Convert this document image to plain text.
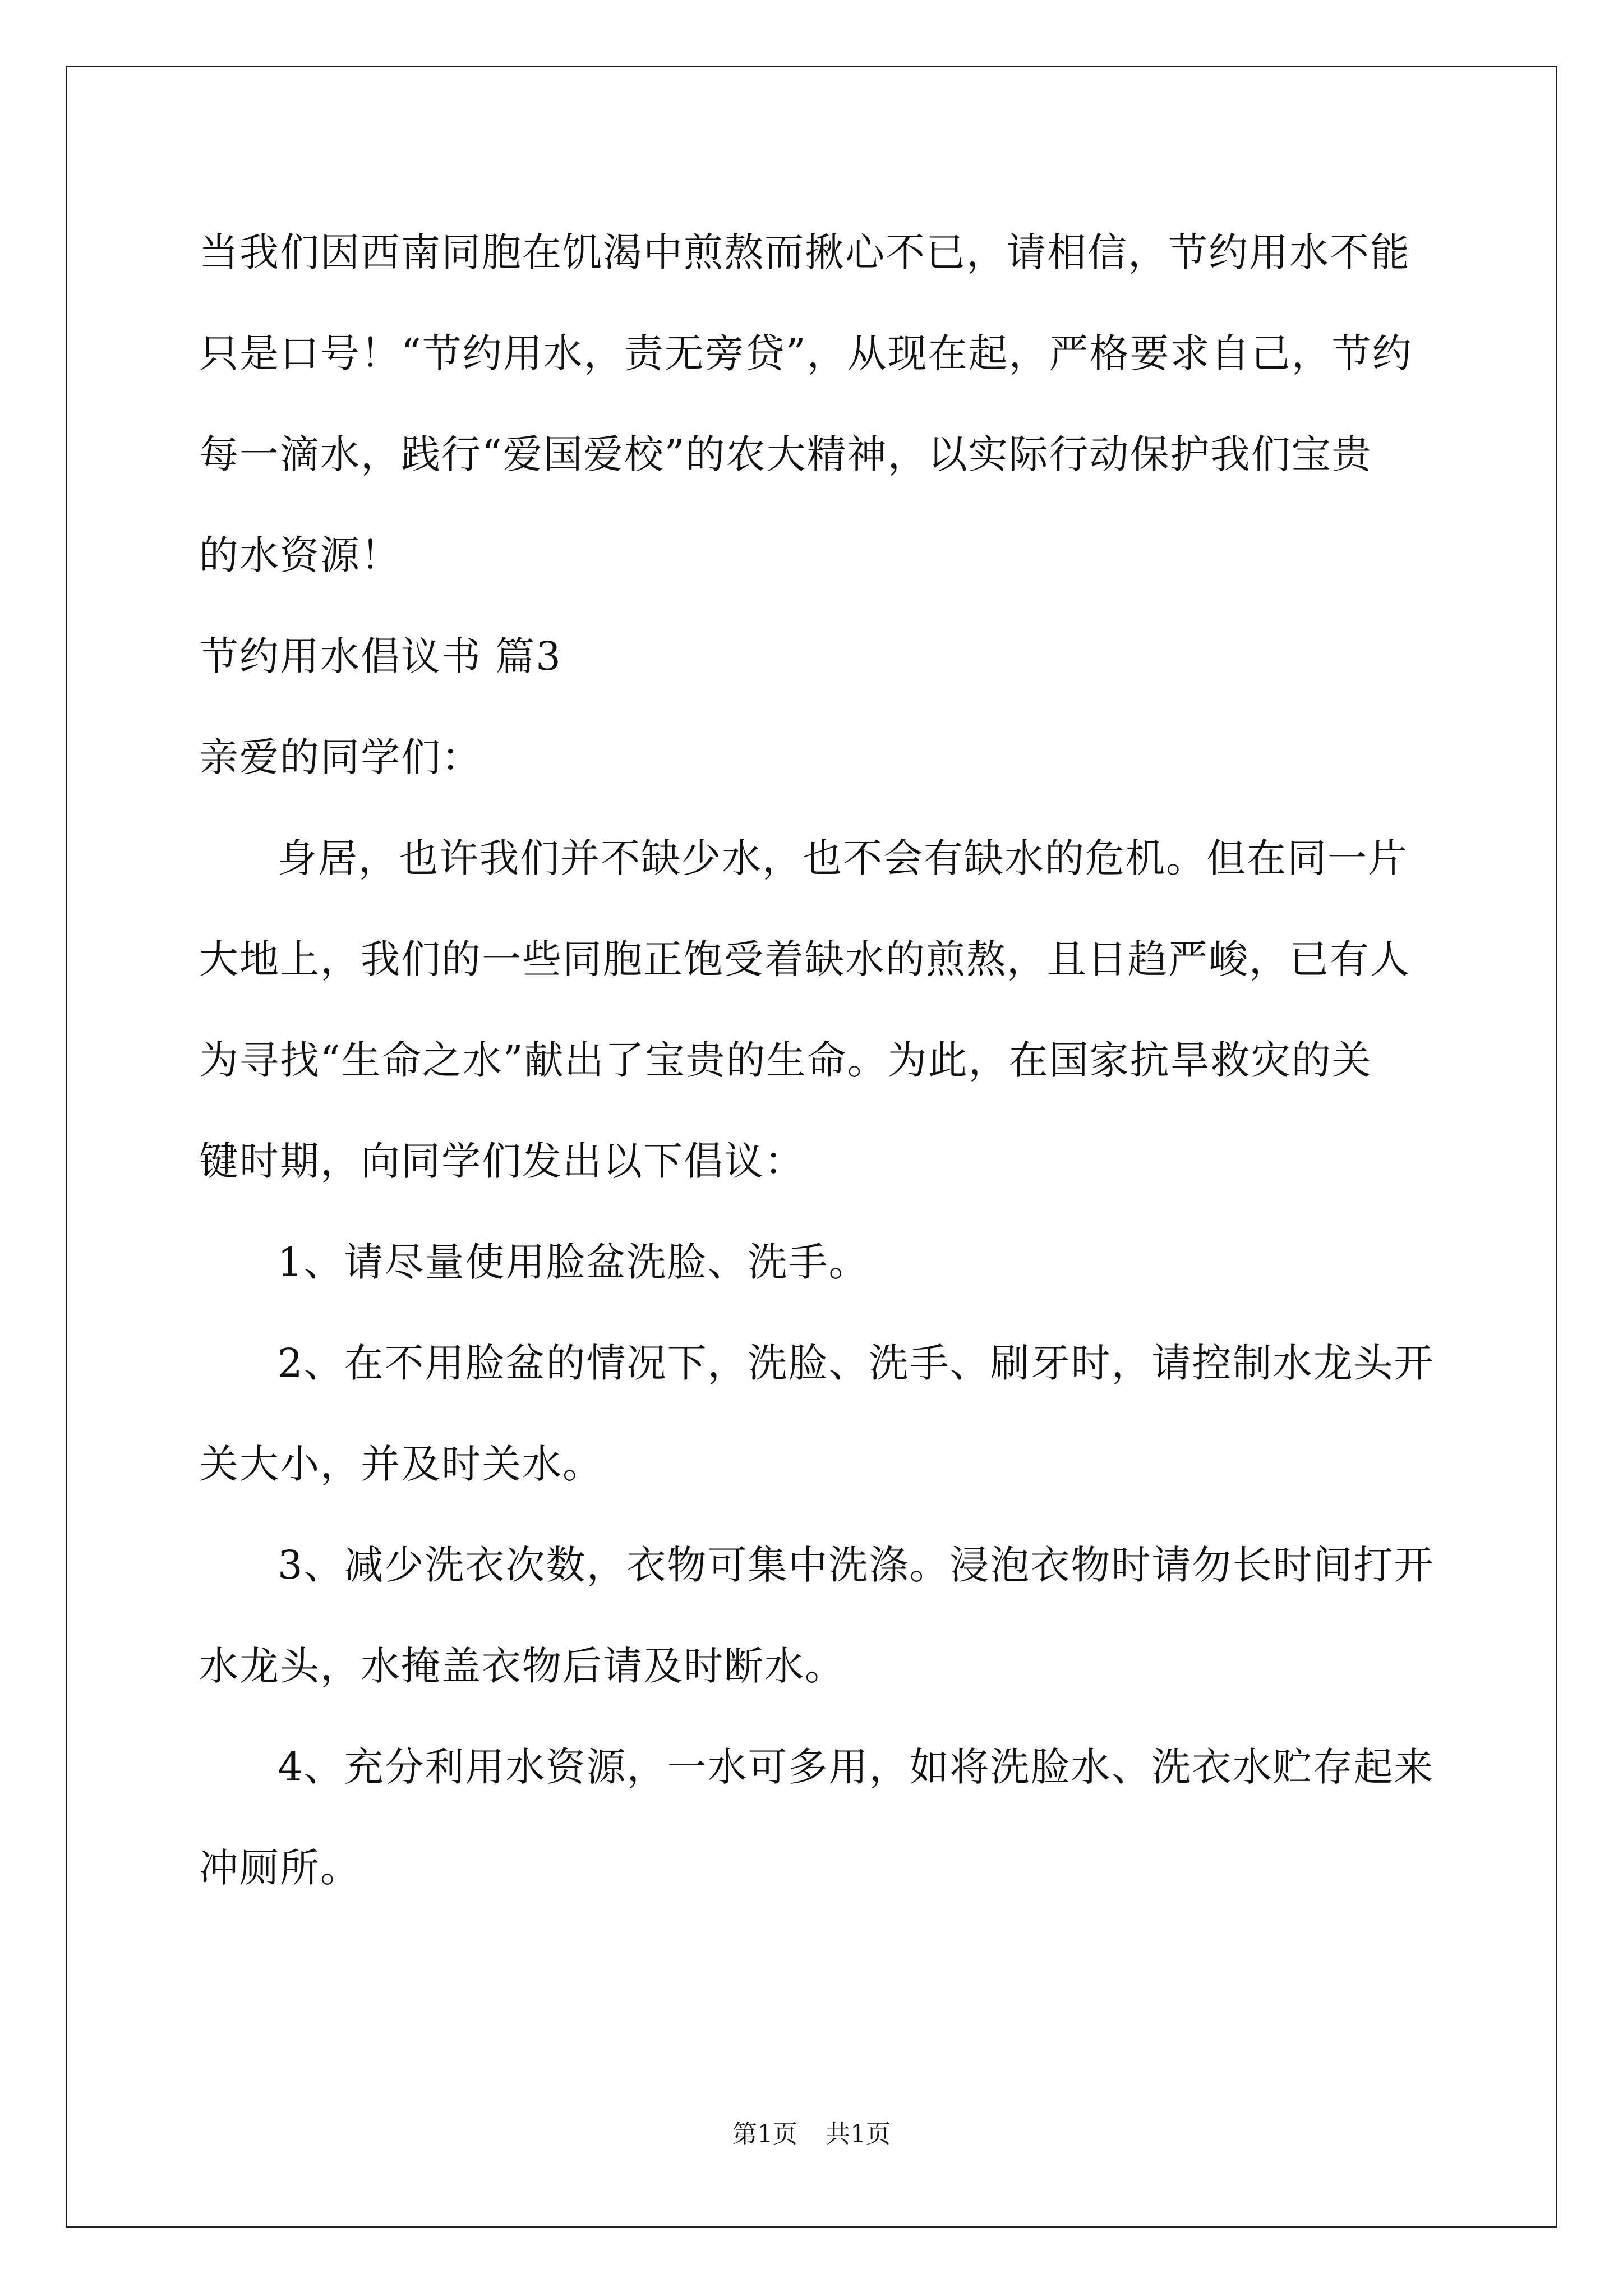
当我们因西南同胞在饥渴中煎熬而揪心不已，请相信，节约用水不能
只是口号！“节约用水，责无旁贷”，从现在起，严格要求自己，节约
每一滴水，践行“爱国爱校”的农大精神，以实际行动保护我们宝贵
的水资源！
节约用水倡议书 篇3
亲爱的同学们：
身居，也许我们并不缺少水，也不会有缺水的危机。但在同一片
大地上，我们的一些同胞正饱受着缺水的煎熬，且日趋严峻，已有人
为寻找“生命之水”献出了宝贵的生命。为此，在国家抗旱救灾的关
键时期，向同学们发出以下倡议：
1、请尽量使用脸盆洗脸、洗手。
2、在不用脸盆的情况下，洗脸、洗手、刷牙时，请控制水龙头开
关大小，并及时关水。
3、减少洗衣次数，衣物可集中洗涤。浸泡衣物时请勿长时间打开
水龙头，水掩盖衣物后请及时断水。
4、充分利用水资源，一水可多用，如将洗脸水、洗衣水贮存起来
冲厕所。
第1页 共1页
